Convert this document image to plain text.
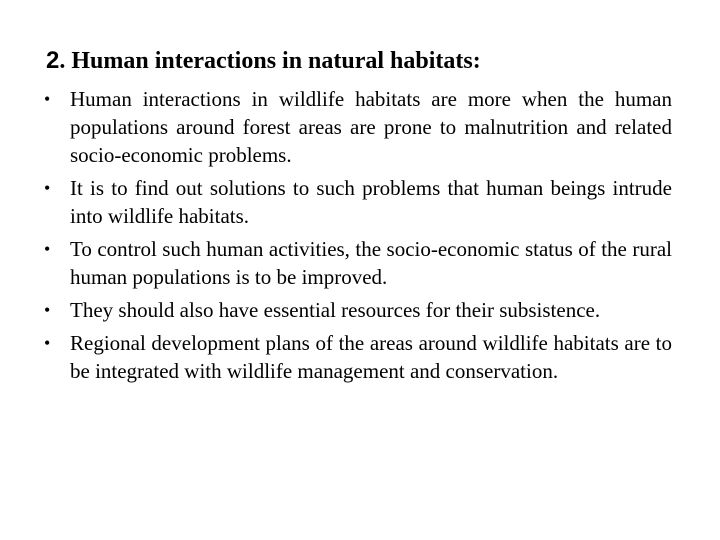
2. Human interactions in natural habitats:
• Human interactions in wildlife habitats are more when the human populations around forest areas are prone to malnutrition and related socio-economic problems.
• It is to find out solutions to such problems that human beings intrude into wildlife habitats.
• To control such human activities, the socio-economic status of the rural human populations is to be improved.
• They should also have essential resources for their subsistence.
• Regional development plans of the areas around wildlife habitats are to be integrated with wildlife management and conservation.
